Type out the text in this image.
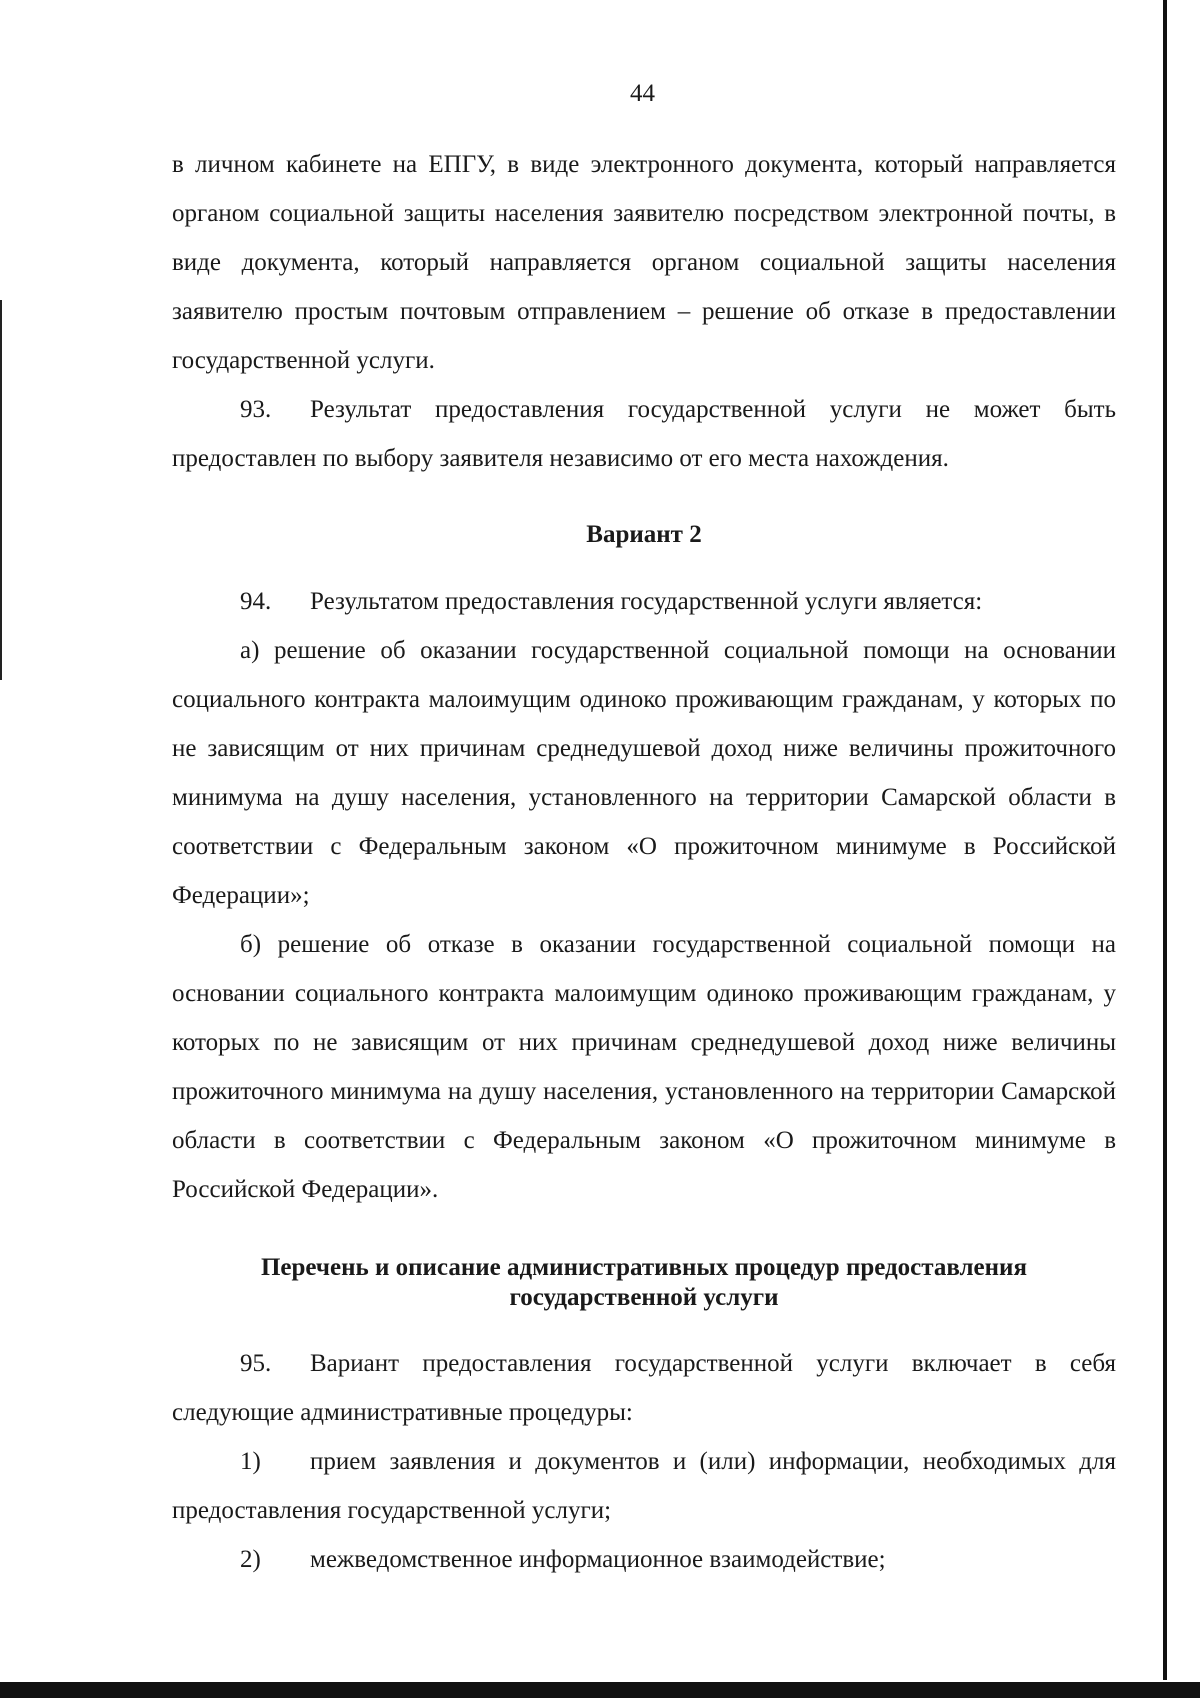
44

в личном кабинете на ЕПГУ, в виде электронного документа, который направляется органом социальной защиты населения заявителю посредством электронной почты, в виде документа, который направляется органом социальной защиты населения заявителю простым почтовым отправлением – решение об отказе в предоставлении государственной услуги.

93. Результат предоставления государственной услуги не может быть предоставлен по выбору заявителя независимо от его места нахождения.

Вариант 2

94. Результатом предоставления государственной услуги является:

а) решение об оказании государственной социальной помощи на основании социального контракта малоимущим одиноко проживающим гражданам, у которых по не зависящим от них причинам среднедушевой доход ниже величины прожиточного минимума на душу населения, установленного на территории Самарской области в соответствии с Федеральным законом «О прожиточном минимуме в Российской Федерации»;

б) решение об отказе в оказании государственной социальной помощи на основании социального контракта малоимущим одиноко проживающим гражданам, у которых по не зависящим от них причинам среднедушевой доход ниже величины прожиточного минимума на душу населения, установленного на территории Самарской области в соответствии с Федеральным законом «О прожиточном минимуме в Российской Федерации».

Перечень и описание административных процедур предоставления

государственной услуги

95. Вариант предоставления государственной услуги включает в себя следующие административные процедуры:

1) прием заявления и документов и (или) информации, необходимых для предоставления государственной услуги;

2) межведомственное информационное взаимодействие;
